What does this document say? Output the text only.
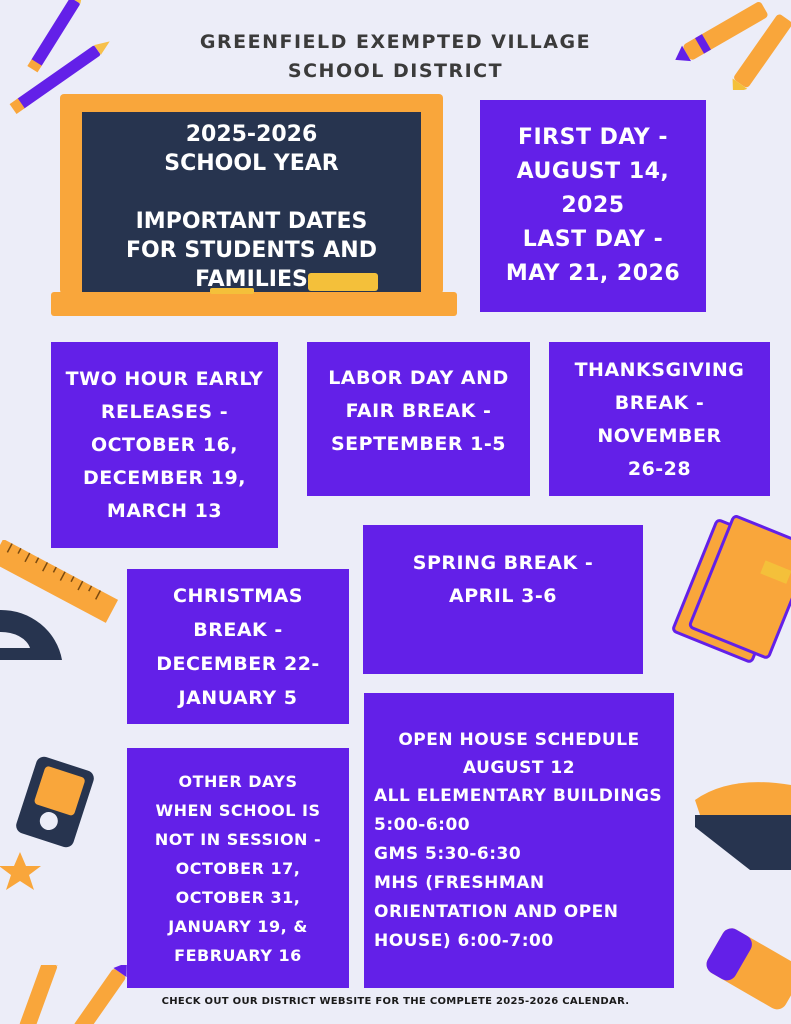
GREENFIELD EXEMPTED VILLAGE
SCHOOL DISTRICT
2025-2026
SCHOOL YEAR

IMPORTANT DATES
FOR STUDENTS AND
FAMILIES
FIRST DAY -
AUGUST 14,
2025
LAST DAY -
MAY 21, 2026
TWO HOUR EARLY
RELEASES -
OCTOBER 16,
DECEMBER 19,
MARCH 13
LABOR DAY AND
FAIR BREAK -
SEPTEMBER 1-5
THANKSGIVING
BREAK -
NOVEMBER
26-28
SPRING BREAK -
APRIL 3-6
CHRISTMAS
BREAK -
DECEMBER 22-
JANUARY 5
OPEN HOUSE SCHEDULE
AUGUST 12
ALL ELEMENTARY BUILDINGS
5:00-6:00
GMS 5:30-6:30
MHS (FRESHMAN
ORIENTATION AND OPEN
HOUSE) 6:00-7:00
OTHER DAYS
WHEN SCHOOL IS
NOT IN SESSION -
OCTOBER 17,
OCTOBER 31,
JANUARY 19, &
FEBRUARY 16
CHECK OUT OUR DISTRICT WEBSITE FOR THE COMPLETE 2025-2026 CALENDAR.
